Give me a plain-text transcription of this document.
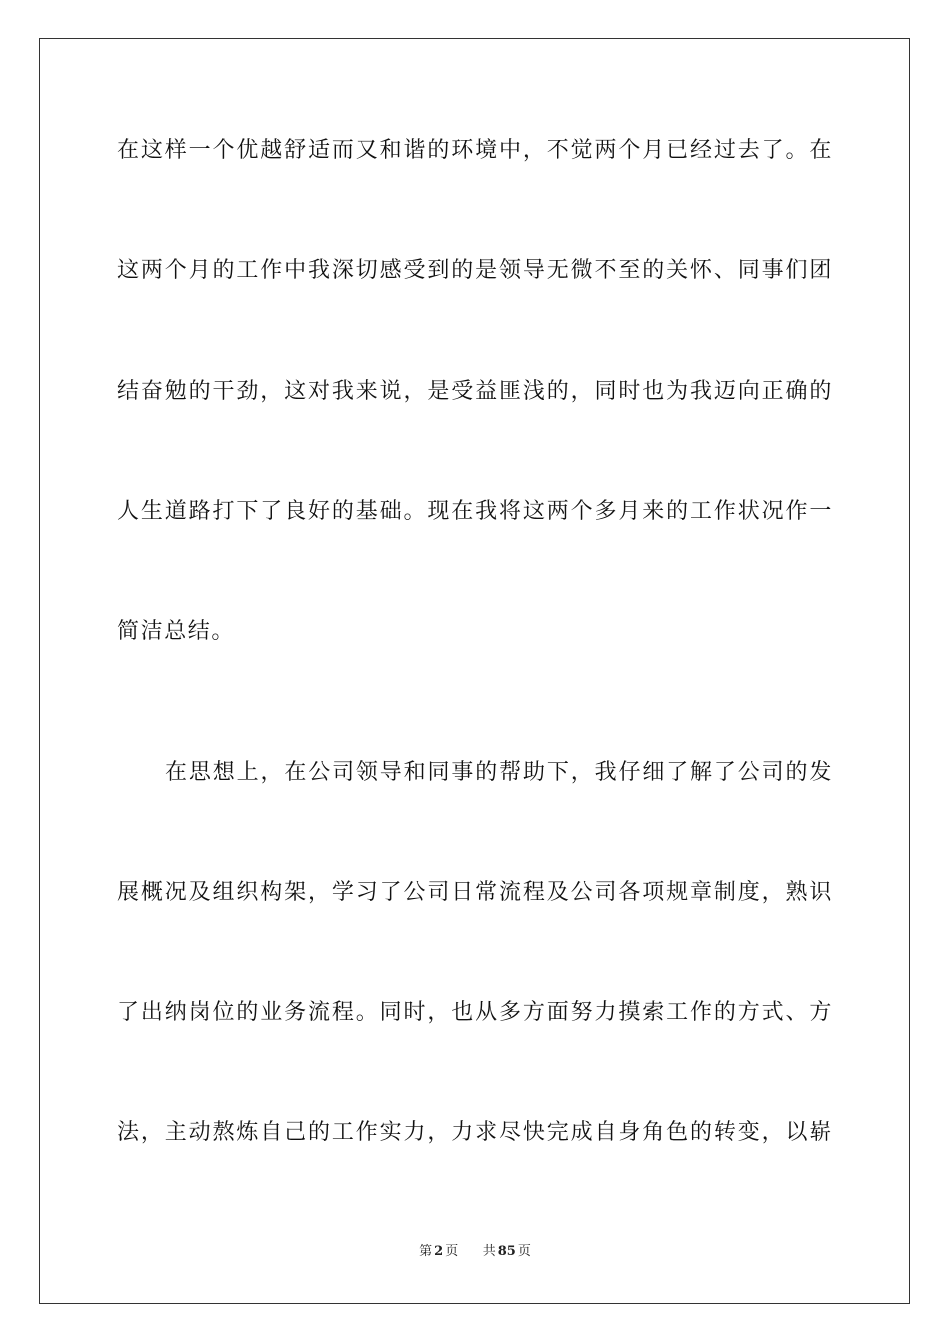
在这样一个优越舒适而又和谐的环境中，不觉两个月已经过去了。在
这两个月的工作中我深切感受到的是领导无微不至的关怀、同事们团
结奋勉的干劲，这对我来说，是受益匪浅的，同时也为我迈向正确的
人生道路打下了良好的基础。现在我将这两个多月来的工作状况作一
简洁总结。
在思想上，在公司领导和同事的帮助下，我仔细了解了公司的发
展概况及组织构架，学习了公司日常流程及公司各项规章制度，熟识
了出纳岗位的业务流程。同时，也从多方面努力摸索工作的方式、方
法，主动熬炼自己的工作实力，力求尽快完成自身角色的转变，以崭
第 2 页 共 85 页
